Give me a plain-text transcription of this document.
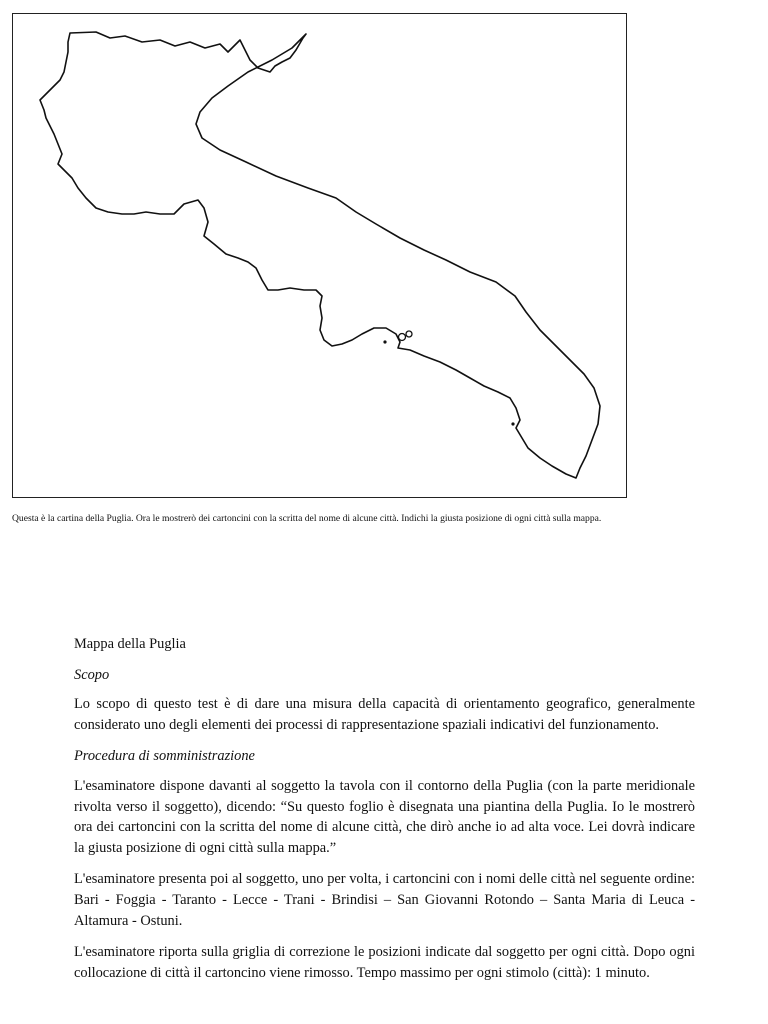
Questa è la cartina della Puglia. Ora le mostrerò dei cartoncini con la scritta del nome di alcune città. Indichi la giusta posizione di ogni città sulla mappa.

Mappa della Puglia

Scopo

Lo scopo di questo test è di dare una misura della capacità di orientamento geografico, generalmente considerato uno degli elementi dei processi di rappresentazione spaziali indicativi del funzionamento.

Procedura di somministrazione

L'esaminatore dispone davanti al soggetto la tavola con il contorno della Puglia (con la parte meridionale rivolta verso il soggetto), dicendo: “Su questo foglio è disegnata una piantina della Puglia. Io le mostrerò ora dei cartoncini con la scritta del nome di alcune città, che dirò anche io ad alta voce. Lei dovrà indicare la giusta posizione di ogni città sulla mappa.”

L'esaminatore presenta poi al soggetto, uno per volta, i cartoncini con i nomi delle città nel seguente ordine: Bari - Foggia - Taranto - Lecce - Trani - Brindisi – San Giovanni Rotondo – Santa Maria di Leuca - Altamura - Ostuni.

L'esaminatore riporta sulla griglia di correzione le posizioni indicate dal soggetto per ogni città. Dopo ogni collocazione di città il cartoncino viene rimosso. Tempo massimo per ogni stimolo (città): 1 minuto.
